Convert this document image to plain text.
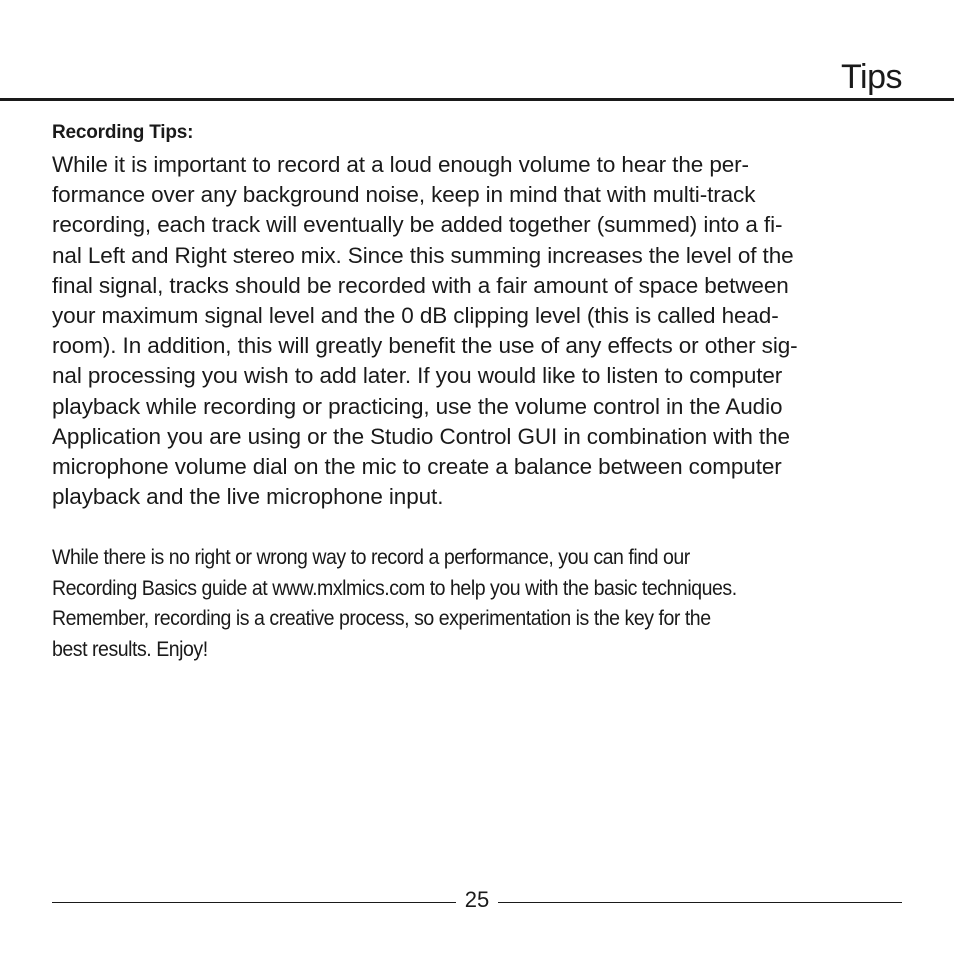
Tips
Recording Tips:

While it is important to record at a loud enough volume to hear the per-
formance over any background noise, keep in mind that with multi-track
recording, each track will eventually be added together (summed) into a fi-
nal Left and Right stereo mix. Since this summing increases the level of the
final signal, tracks should be recorded with a fair amount of space between
your maximum signal level and the 0 dB clipping level (this is called head-
room). In addition, this will greatly benefit the use of any effects or other sig-
nal processing you wish to add later. If you would like to listen to computer
playback while recording or practicing, use the volume control in the Audio
Application you are using or the Studio Control GUI in combination with the
microphone volume dial on the mic to create a balance between computer
playback and the live microphone input.

While there is no right or wrong way to record a performance, you can find our
Recording Basics guide at www.mxlmics.com to help you with the basic techniques.
Remember, recording is a creative process, so experimentation is the key for the
best results. Enjoy!

25
